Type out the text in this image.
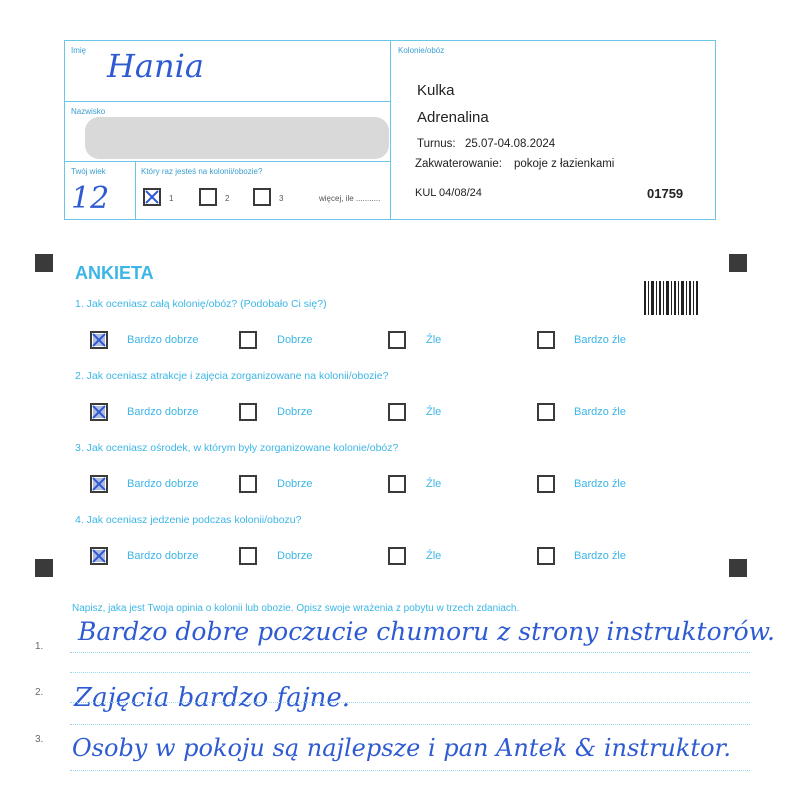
Imię Hania
Nazwisko
Twój wiek
12
Który raz jesteś na kolonii/obozie?
1	2	3	więcej, ile ...........
Kolonie/obóz
Kulka
Adrenalina
Turnus: 25.07-04.08.2024
Zakwaterowanie: pokoje z łazienkami
KUL 04/08/24	01759
ANKIETA
1. Jak oceniasz całą kolonię/obóz? (Podobało Ci się?)
Bardzo dobrze	Dobrze	Źle	Bardzo źle
2. Jak oceniasz atrakcje i zajęcia zorganizowane na kolonii/obozie?
Bardzo dobrze	Dobrze	Źle	Bardzo źle
3. Jak oceniasz ośrodek, w którym były zorganizowane kolonie/obóz?
Bardzo dobrze	Dobrze	Źle	Bardzo źle
4. Jak oceniasz jedzenie podczas kolonii/obozu?
Bardzo dobrze	Dobrze	Źle	Bardzo źle
Napisz, jaka jest Twoja opinia o kolonii lub obozie. Opisz swoje wrażenia z pobytu w trzech zdaniach.
1.
Bardzo dobre poczucie chumoru z strony instruktorów.
2. Zajęcia bardzo fajne.
3. Osoby w pokoju są najlepsze i pan Antek & instruktor.
